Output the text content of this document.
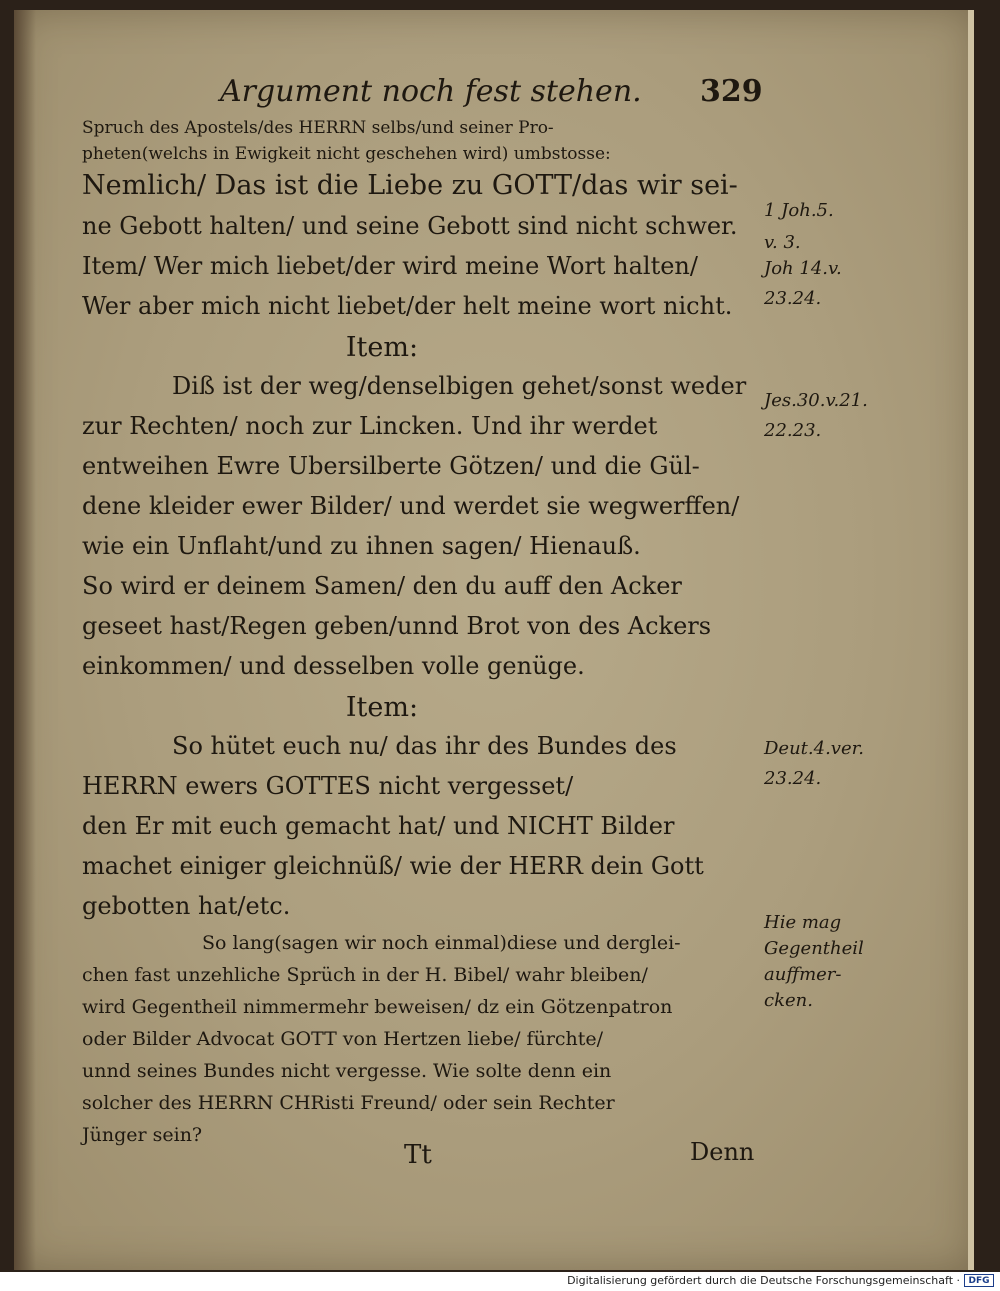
Argument noch fest stehen. 329
Spruch des Apostels/des HERRN selbs/und seiner Pro-
pheten(welchs in Ewigkeit nicht geschehen wird) umbstosse:
Nemlich/ Das ist die Liebe zu GOTT/das wir sei-
ne Gebott halten/ und seine Gebott sind nicht schwer.
Item/ Wer mich liebet/der wird meine Wort halten/
Wer aber mich nicht liebet/der helt meine wort nicht.
Item:
Diß ist der weg/denselbigen gehet/sonst weder
zur Rechten/ noch zur Lincken. Und ihr werdet
entweihen Ewre Ubersilberte Götzen/ und die Gül-
dene kleider ewer Bilder/ und werdet sie wegwerffen/
wie ein Unflaht/und zu ihnen sagen/ Hienauß.
So wird er deinem Samen/ den du auff den Acker
geseet hast/Regen geben/unnd Brot von des Ackers
einkommen/ und desselben volle genüge.
Item:
So hütet euch nu/ das ihr des Bundes des
HERRN ewers GOTTES nicht vergesset/
den Er mit euch gemacht hat/ und NICHT Bilder
machet einiger gleichnüß/ wie der HERR dein Gott
gebotten hat/etc.
So lang(sagen wir noch einmal)diese und derglei-
chen fast unzehliche Sprüch in der H. Bibel/ wahr bleiben/
wird Gegentheil nimmermehr beweisen/ dz ein Götzenpatron
oder Bilder Advocat GOTT von Hertzen liebe/ fürchte/
unnd seines Bundes nicht vergesse. Wie solte denn ein
solcher des HERRN CHRisti Freund/ oder sein Rechter
Jünger sein?
1 Joh.5.
v. 3.
Joh 14.v.
23.24.
Jes.30.v.21.
22.23.
Deut.4.ver.
23.24.
Hie mag
Gegentheil
auffmer-
cken.
Tt	Denn
Digitalisierung gefördert durch die Deutsche Forschungsgemeinschaft · DFG
